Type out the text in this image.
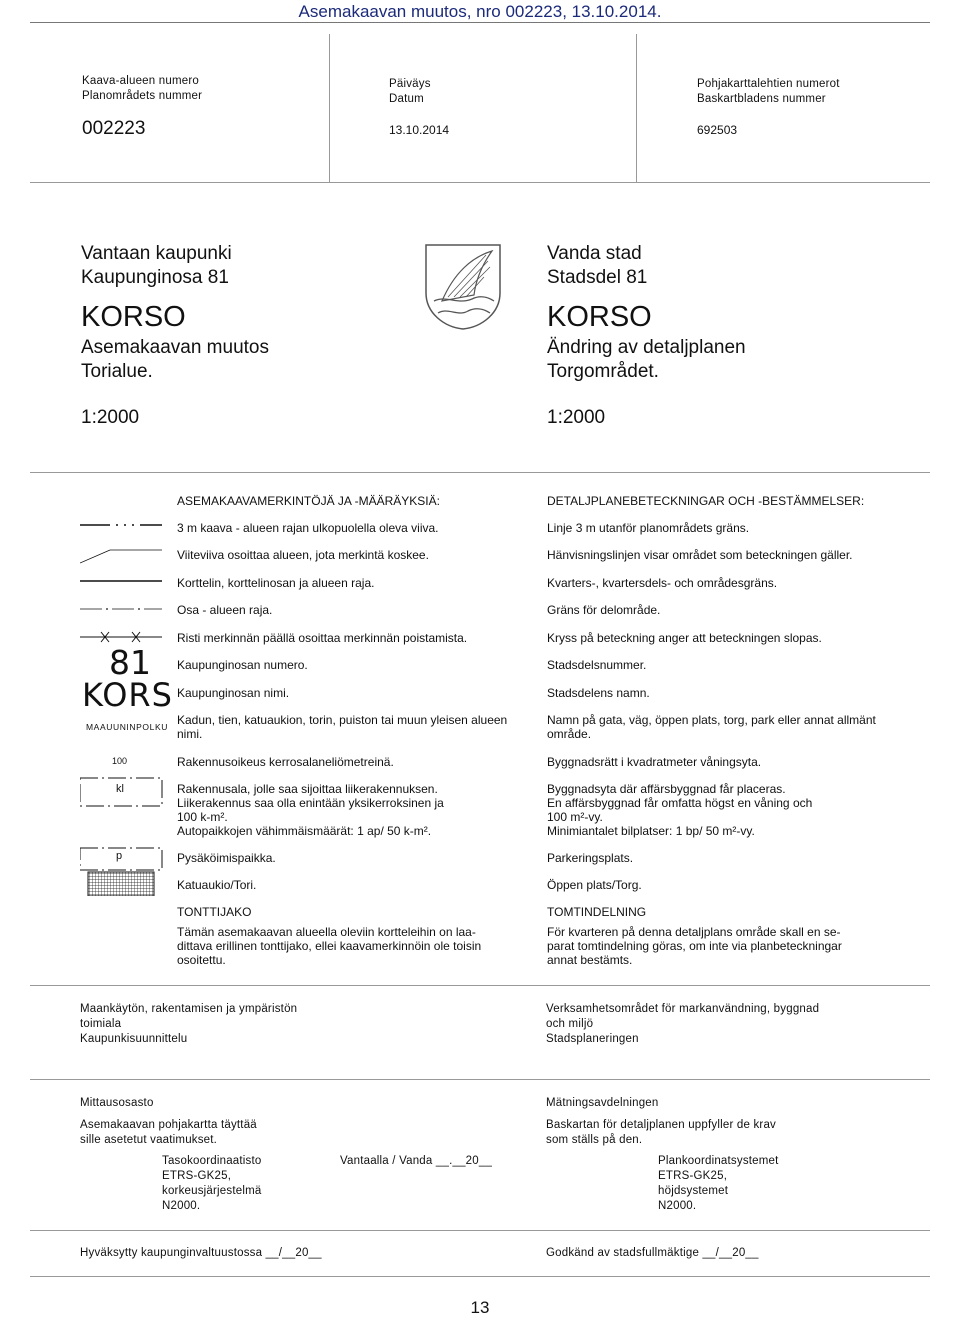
Asemakaavan muutos, nro 002223, 13.10.2014.
Kaava-alueen numero
Planområdets nummer
002223
Päiväys
Datum
13.10.2014
Pohjakarttalehtien numerot
Baskartbladens nummer
692503
Vantaan kaupunki
Kaupunginosa 81
KORSO
Asemakaavan muutos
Torialue.
1:2000
Vanda stad
Stadsdel 81
KORSO
Ändring av detaljplanen
Torgområdet.
1:2000
ASEMAKAAVAMERKINTÖJÄ JA -MÄÄRÄYKSIÄ:	DETALJPLANEBETECKNINGAR OCH -BESTÄMMELSER:
81
KORS
MAAUUNINPOLKU
100
kl
p
3 m kaava - alueen rajan ulkopuolella oleva viiva.
Viiteviiva osoittaa alueen, jota merkintä koskee.
Korttelin, korttelinosan ja alueen raja.
Osa - alueen raja.
Risti merkinnän päällä osoittaa merkinnän poistamista.
Kaupunginosan numero.
Kaupunginosan nimi.
Kadun, tien, katuaukion, torin, puiston tai muun yleisen alueen nimi.
Rakennusoikeus kerrosalaneliömetreinä.
Rakennusala, jolle saa sijoittaa liikerakennuksen.
Liikerakennus saa olla enintään yksikerroksinen ja
100 k-m².
Autopaikkojen vähimmäismäärät: 1 ap/ 50 k-m².
Pysäköimispaikka.
Katuaukio/Tori.
Linje 3 m utanför planområdets gräns.
Hänvisningslinjen visar området som beteckningen gäller.
Kvarters-, kvartersdels- och områdesgräns.
Gräns för delområde.
Kryss på beteckning anger att beteckningen slopas.
Stadsdelsnummer.
Stadsdelens namn.
Namn på gata, väg, öppen plats, torg, park eller annat allmänt område.
Byggnadsrätt i kvadratmeter våningsyta.
Byggnadsyta där affärsbyggnad får placeras.
En affärsbyggnad får omfatta högst en våning och
100 m²-vy.
Minimiantalet bilplatser: 1 bp/ 50 m²-vy.
Parkeringsplats.
Öppen plats/Torg.
TONTTIJAKO
Tämän asemakaavan alueella oleviin kortteleihin on laa-
dittava erillinen tonttijako, ellei kaavamerkinnöin ole toisin
osoitettu.
TOMTINDELNING
För kvarteren på denna detaljplans område skall en se-
parat tomtindelning göras, om inte via planbeteckningar
annat bestämts.
Maankäytön, rakentamisen ja ympäristön
toimiala
Kaupunkisuunnittelu
Verksamhetsområdet för markanvändning, byggnad
och miljö
Stadsplaneringen
Mittausosasto
Asemakaavan pohjakartta täyttää
sille asetetut vaatimukset.
Tasokoordinaatisto
ETRS-GK25,
korkeusjärjestelmä
N2000.
Vantaalla / Vanda __.__20__
Mätningsavdelningen
Baskartan för detaljplanen uppfyller de krav
som ställs på den.
Plankoordinatsystemet
ETRS-GK25,
höjdsystemet
N2000.
Hyväksytty kaupunginvaltuustossa __/__20__	Godkänd av stadsfullmäktige __/__20__
13
